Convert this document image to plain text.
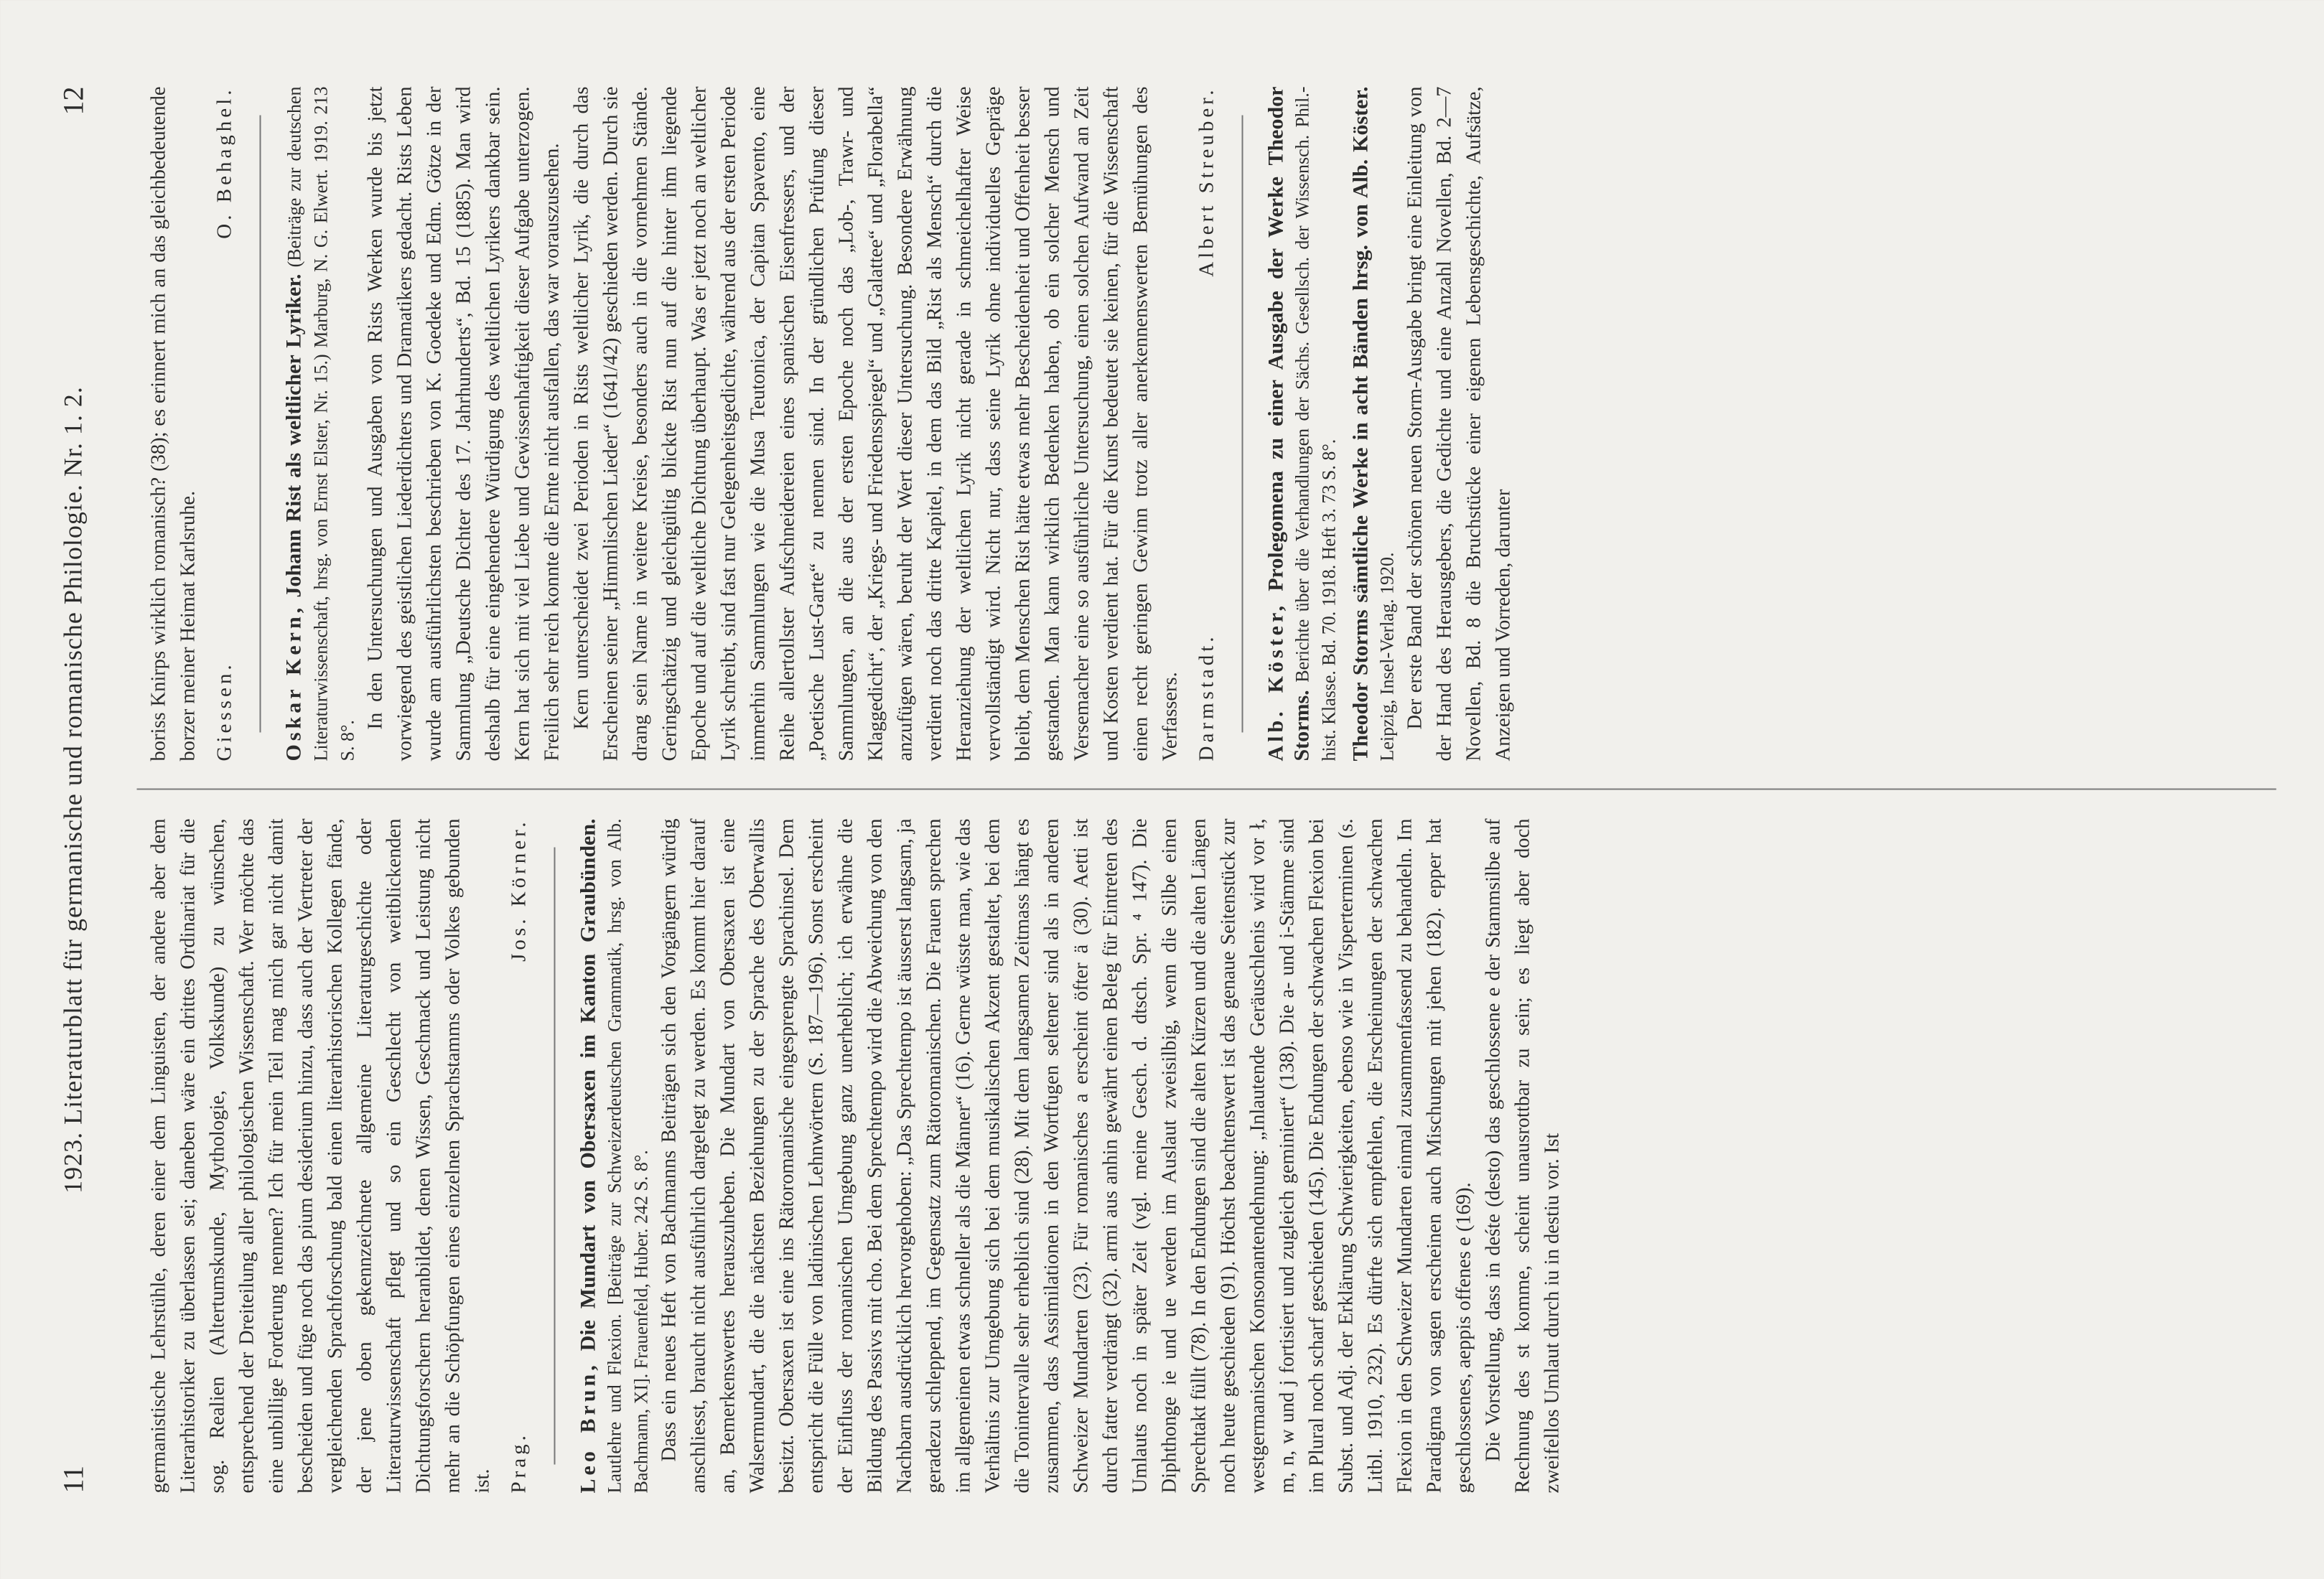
11
1923. Literaturblatt für germanische und romanische Philologie. Nr. 1. 2.
12

germanistische Lehrstühle, deren einer dem Linguisten, der andere aber dem Literarhistoriker zu überlassen sei; daneben wäre ein drittes Ordinariat für die sog. Realien (Altertumskunde, Mythologie, Volkskunde) zu wünschen, entsprechend der Dreiteilung aller philologischen Wissenschaft. Wer möchte das eine unbillige Forderung nennen? Ich für mein Teil mag mich gar nicht damit bescheiden und füge noch das pium desiderium hinzu, dass auch der Vertreter der vergleichenden Sprachforschung bald einen literarhistorischen Kollegen fände, der jene oben gekennzeichnete allgemeine Literaturgeschichte oder Literaturwissenschaft pflegt und so ein Geschlecht von weitblickenden Dichtungsforschern heranbildet, denen Wissen, Geschmack und Leistung nicht mehr an die Schöpfungen eines einzelnen Sprachstamms oder Volkes gebunden ist. Prag.
Jos. Körner.

Leo Brun, Die Mundart von Obersaxen im Kanton Graubünden. Lautlehre und Flexion. [Beiträge zur Schweizerdeutschen Grammatik, hrsg. von Alb. Bachmann, XI]. Frauenfeld, Huber. 242 S. 8°. Dass ein neues Heft von Bachmanns Beiträgen sich den Vorgängern würdig anschliesst, braucht nicht ausführlich dargelegt zu werden. Es kommt hier darauf an, Bemerkenswertes herauszuheben. Die Mundart von Obersaxen ist eine Walsermundart, die die nächsten Beziehungen zu der Sprache des Oberwallis besitzt. Obersaxen ist eine ins Rätoromanische eingesprengte Sprachinsel. Dem entspricht die Fülle von ladinischen Lehnwörtern (S. 187—196). Sonst erscheint der Einfluss der romanischen Umgebung ganz unerheblich; ich erwähne die Bildung des Passivs mit cho. Bei dem Sprechtempo wird die Abweichung von den Nachbarn ausdrücklich hervorgehoben: „Das Sprechtempo ist äusserst langsam, ja geradezu schleppend, im Gegensatz zum Rätoromanischen. Die Frauen sprechen im allgemeinen etwas schneller als die Männer“ (16). Gerne wüsste man, wie das Verhältnis zur Umgebung sich bei dem musikalischen Akzent gestaltet, bei dem die Tonintervalle sehr erheblich sind (28). Mit dem langsamen Zeitmass hängt es zusammen, dass Assimilationen in den Wortfugen seltener sind als in anderen Schweizer Mundarten (23). Für romanisches a erscheint öfter ä (30). Aetti ist durch fatter verdrängt (32). armi aus anhin gewährt einen Beleg für Eintreten des Umlauts noch in später Zeit (vgl. meine Gesch. d. dtsch. Spr. ⁴ 147). Die Diphthonge ie und ue werden im Auslaut zweisilbig, wenn die Silbe einen Sprechtakt füllt (78). In den Endungen sind die alten Kürzen und die alten Längen noch heute geschieden (91). Höchst beachtenswert ist das genaue Seitenstück zur westgermanischen Konsonantendehnung: „Inlautende Geräuschlenis wird vor ł, m, n, w und j fortisiert und zugleich geminiert“ (138). Die a- und i-Stämme sind im Plural noch scharf geschieden (145). Die Endungen der schwachen Flexion bei Subst. und Adj. der Erklärung Schwierigkeiten, ebenso wie in Visperterminen (s. Litbl. 1910, 232). Es dürfte sich empfehlen, die Erscheinungen der schwachen Flexion in den Schweizer Mundarten einmal zusammenfassend zu behandeln. Im Paradigma von sagen erscheinen auch Mischungen mit jehen (182). epper hat geschlossenes, aeppis offenes e (169). Die Vorstellung, dass in deśte (desto) das geschlossene e der Stammsilbe auf Rechnung des st komme, scheint unausrottbar zu sein; es liegt aber doch zweifellos Umlaut durch iu in destiu vor. Ist

boriss Knirps wirklich romanisch? (38); es erinnert mich an das gleichbedeutende borzer meiner Heimat Karlsruhe. Giessen.
O. Behaghel.

Oskar Kern, Johann Rist als weltlicher Lyriker. (Beiträge zur deutschen Literaturwissenschaft, hrsg. von Ernst Elster, Nr. 15.) Marburg, N. G. Elwert. 1919. 213 S. 8°.

In den Untersuchungen und Ausgaben von Rists Werken wurde bis jetzt vorwiegend des geistlichen Liederdichters und Dramatikers gedacht. Rists Leben wurde am ausführlichsten beschrieben von K. Goedeke und Edm. Götze in der Sammlung „Deutsche Dichter des 17. Jahrhunderts“, Bd. 15 (1885). Man wird deshalb für eine eingehendere Würdigung des weltlichen Lyrikers dankbar sein. Kern hat sich mit viel Liebe und Gewissenhaftigkeit dieser Aufgabe unterzogen. Freilich sehr reich konnte die Ernte nicht ausfallen, das war vorauszusehen. Kern unterscheidet zwei Perioden in Rists weltlicher Lyrik, die durch das Erscheinen seiner „Himmlischen Lieder“ (1641/42) geschieden werden. Durch sie drang sein Name in weitere Kreise, besonders auch in die vornehmen Stände. Geringschätzig und gleichgültig blickte Rist nun auf die hinter ihm liegende Epoche und auf die weltliche Dichtung überhaupt. Was er jetzt noch an weltlicher Lyrik schreibt, sind fast nur Gelegenheitsgedichte, während aus der ersten Periode immerhin Sammlungen wie die Musa Teutonica, der Capitan Spavento, eine Reihe allertollster Aufschneidereien eines spanischen Eisenfressers, und der „Poetische Lust-Garte“ zu nennen sind. In der gründlichen Prüfung dieser Sammlungen, an die aus der ersten Epoche noch das „Lob-, Trawr- und Klaggedicht“, der „Kriegs- und Friedensspiegel“ und „Galattee“ und „Florabella“ anzufügen wären, beruht der Wert dieser Untersuchung. Besondere Erwähnung verdient noch das dritte Kapitel, in dem das Bild „Rist als Mensch“ durch die Heranziehung der weltlichen Lyrik nicht gerade in schmeichelhafter Weise vervollständigt wird. Nicht nur, dass seine Lyrik ohne individuelles Gepräge bleibt, dem Menschen Rist hätte etwas mehr Bescheidenheit und Offenheit besser gestanden. Man kann wirklich Bedenken haben, ob ein solcher Mensch und Versemacher eine so ausführliche Untersuchung, einen solchen Aufwand an Zeit und Kosten verdient hat. Für die Kunst bedeutet sie keinen, für die Wissenschaft einen recht geringen Gewinn trotz aller anerkennenswerten Bemühungen des Verfassers. Darmstadt.
Albert Streuber.

Alb. Köster, Prolegomena zu einer Ausgabe der Werke Theodor Storms. Berichte über die Verhandlungen der Sächs. Gesellsch. der Wissensch. Phil.-hist. Klasse. Bd. 70. 1918. Heft 3. 73 S. 8°. Theodor Storms sämtliche Werke in acht Bänden hrsg. von Alb. Köster. Leipzig, Insel-Verlag. 1920. Der erste Band der schönen neuen Storm-Ausgabe bringt eine Einleitung von der Hand des Herausgebers, die Gedichte und eine Anzahl Novellen, Bd. 2—7 Novellen, Bd. 8 die Bruchstücke einer eigenen Lebensgeschichte, Aufsätze, Anzeigen und Vorreden, darunter
